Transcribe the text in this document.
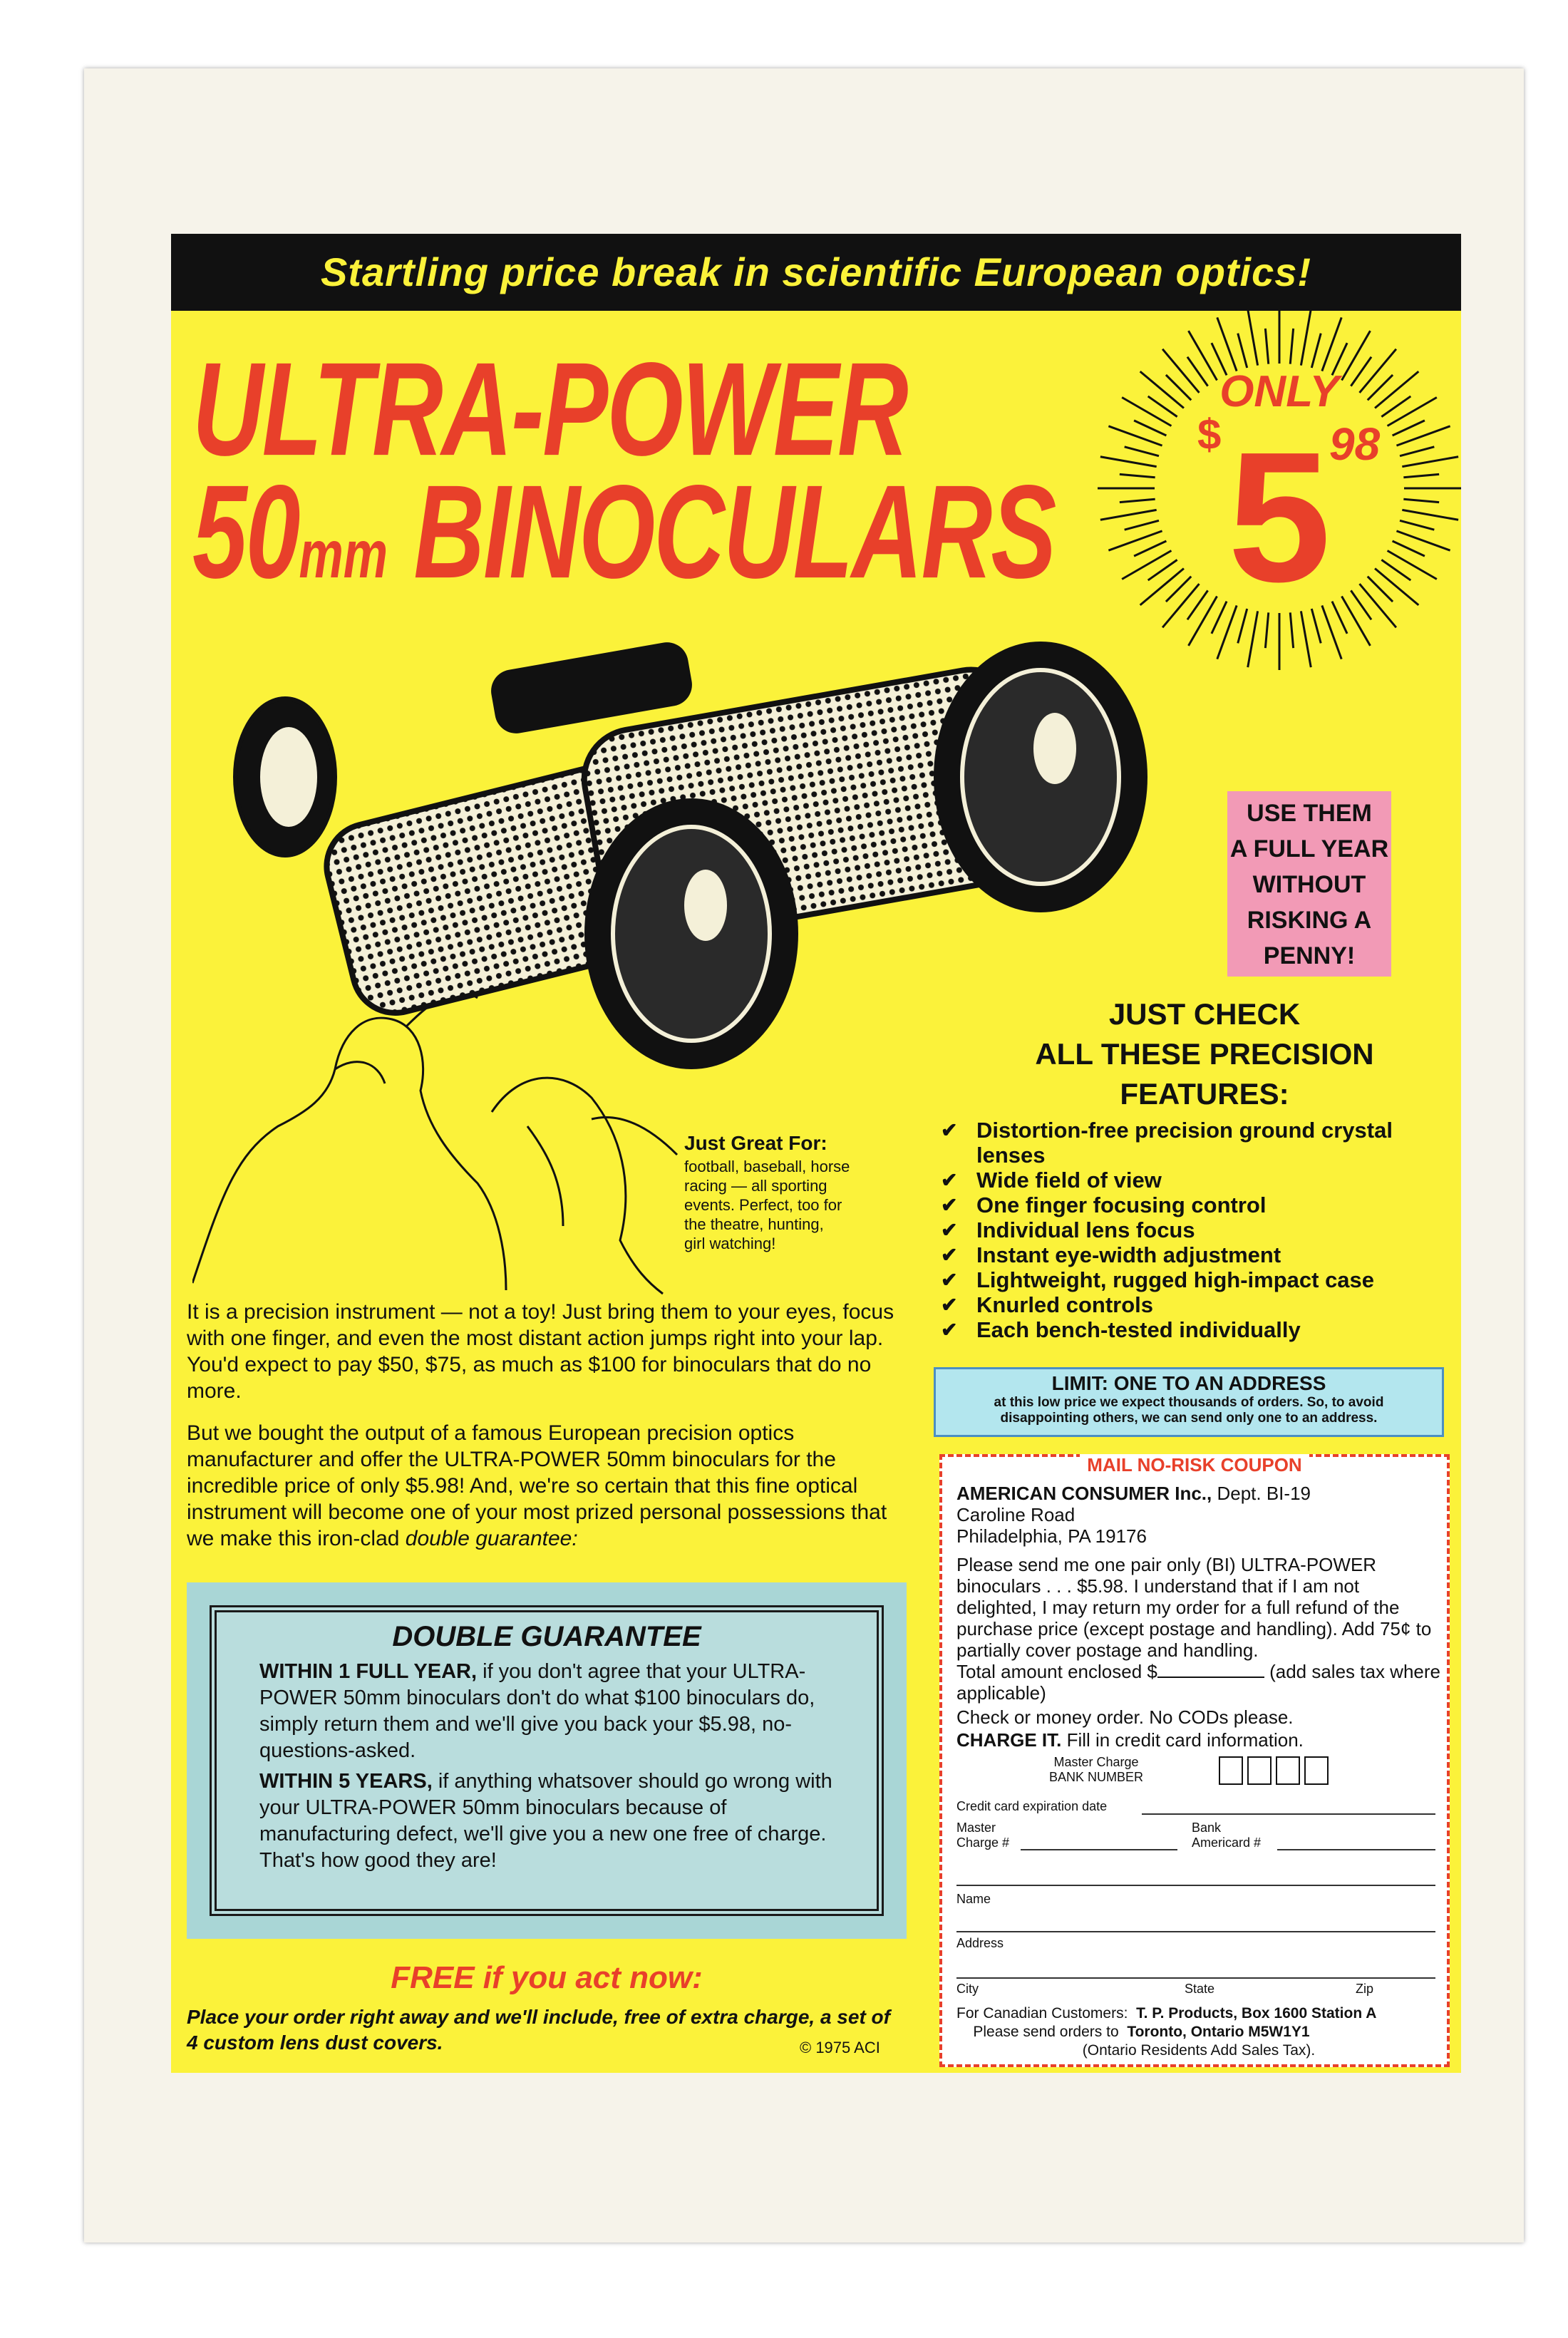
Startling price break in scientific European optics!
ULTRA-POWER
50mm BINOCULARS
ONLY
$ 5
98
USE THEM
A FULL YEAR
WITHOUT
RISKING A
PENNY!
Just Great For:
football, baseball, horse
racing — all sporting
events. Perfect, too for
the theatre, hunting,
girl watching!
JUST CHECK
ALL THESE PRECISION
FEATURES:
✔ Distortion-free precision ground crystal lenses
✔ Wide field of view
✔ One finger focusing control
✔ Individual lens focus
✔ Instant eye-width adjustment
✔ Lightweight, rugged high-impact case
✔ Knurled controls
✔ Each bench-tested individually
It is a precision instrument — not a toy! Just bring them to your eyes, focus with one finger, and even the most distant action jumps right into your lap. You'd expect to pay $50, $75, as much as $100 for binoculars that do no more.
But we bought the output of a famous European precision optics manufacturer and offer the ULTRA-POWER 50mm binoculars for the incredible price of only $5.98! And, we're so certain that this fine optical instrument will become one of your most prized personal possessions that we make this iron-clad double guarantee:
DOUBLE GUARANTEE

WITHIN 1 FULL YEAR, if you don't agree that your ULTRA-POWER 50mm binoculars don't do what $100 binoculars do, simply return them and we'll give you back your $5.98, no-questions-asked.

WITHIN 5 YEARS, if anything whatsover should go wrong with your ULTRA-POWER 50mm binoculars because of manufacturing defect, we'll give you a new one free of charge. That's how good they are!

FREE if you act now:
Place your order right away and we'll include, free of extra charge, a set of 4 custom lens dust covers.	© 1975 ACI
LIMIT: ONE TO AN ADDRESS
at this low price we expect thousands of orders. So, to avoid
disappointing others, we can send only one to an address.
MAIL NO-RISK COUPON
AMERICAN CONSUMER Inc., Dept. BI-19
Caroline Road
Philadelphia, PA 19176
Please send me one pair only (BI) ULTRA-POWER binoculars . . . $5.98. I understand that if I am not delighted, I may return my order for a full refund of the purchase price (except postage and handling). Add 75¢ to partially cover postage and handling.
Total amount enclosed $	(add sales tax where applicable)
Check or money order. No CODs please.
CHARGE IT. Fill in credit card information.
Master Charge
BANK NUMBER
Credit card expiration date
Master
Charge #
Bank
Americard #
Name
Address
City	State	Zip
For Canadian Customers: T. P. Products, Box 1600 Station A
Please send orders to Toronto, Ontario M5W1Y1
(Ontario Residents Add Sales Tax).
